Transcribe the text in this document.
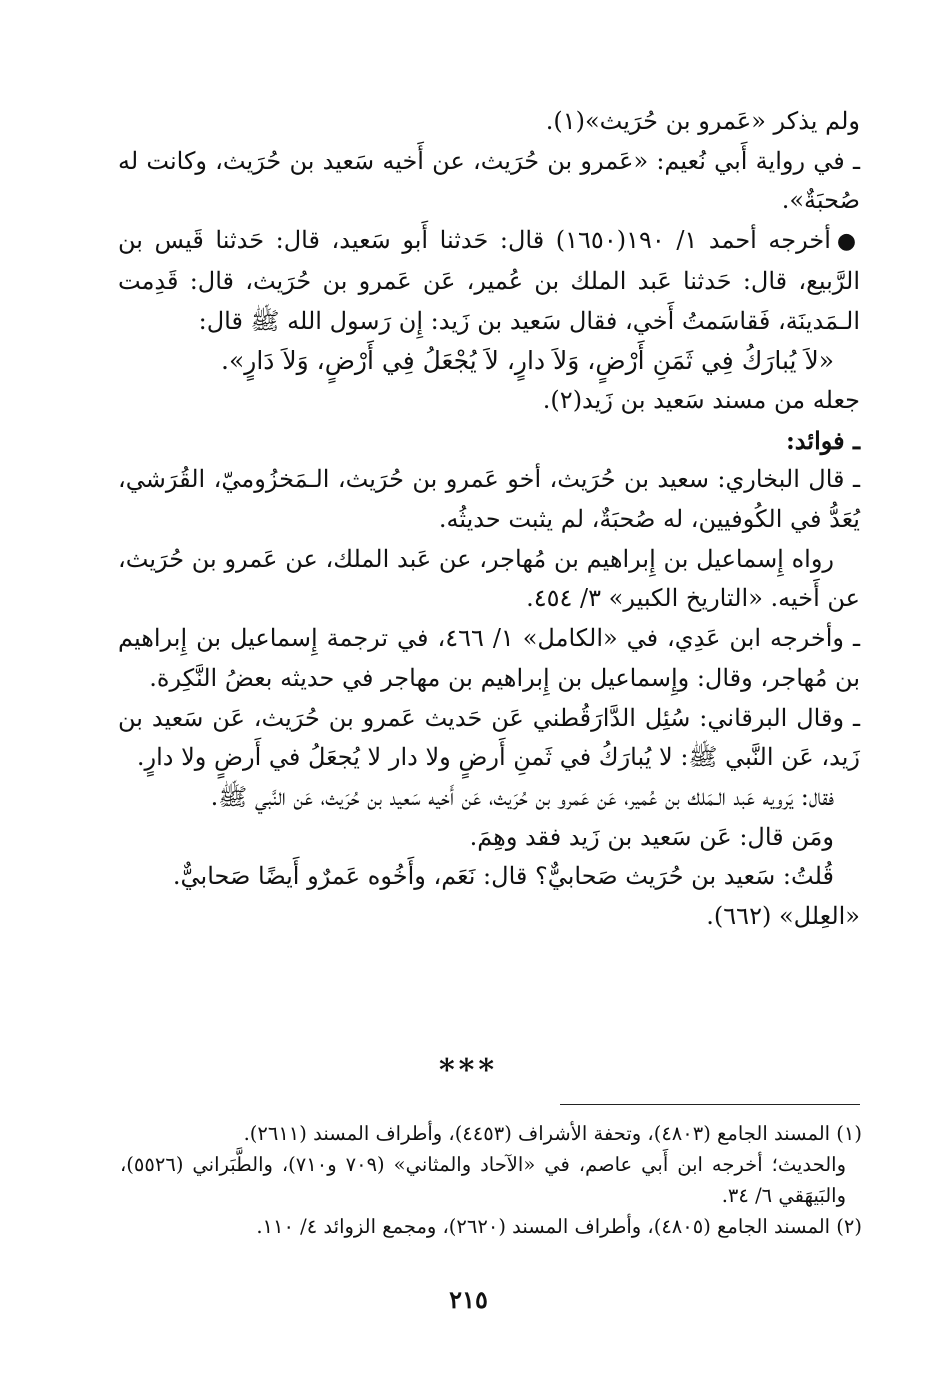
ولم يذكر «عَمرو بن حُرَيث»(١).

ـ في رواية أَبي نُعيم: «عَمرو بن حُرَيث، عن أَخيه سَعيد بن حُرَيث، وكانت له صُحبَةٌ».

●أخرجه أحمد ١/ ١٩٠(١٦٥٠) قال: حَدثنا أَبو سَعيد، قال: حَدثنا قَيس بن الرَّبيع، قال: حَدثنا عَبد الملك بن عُمير، عَن عَمرو بن حُرَيث، قال: قَدِمت الـمَدينَة، فَقاسَمتُ أَخي، فقال سَعيد بن زَيد: إِن رَسول الله ﷺ قال:

«لاَ يُبارَكُ فِي ثَمَنِ أَرْضٍ، وَلاَ دارٍ، لاَ يُجْعَلُ فِي أَرْضٍ، وَلاَ دَارٍ».

جعله من مسند سَعيد بن زَيد(٢).

ـ فوائد:

ـ قال البخاري: سعيد بن حُرَيث، أخو عَمرو بن حُرَيث، الـمَخزُوميّ، القُرَشي، يُعَدُّ في الكُوفيين، له صُحبَةٌ، لم يثبت حديثُه.

رواه إِسماعيل بن إِبراهيم بن مُهاجر، عن عَبد الملك، عن عَمرو بن حُرَيث، عن أَخيه. «التاريخ الكبير» ٣/ ٤٥٤.

ـ وأخرجه ابن عَدِي، في «الكامل» ١/ ٤٦٦، في ترجمة إِسماعيل بن إِبراهيم بن مُهاجر، وقال: وإِسماعيل بن إِبراهيم بن مهاجر في حديثه بعضُ النَّكِرة.

ـ وقال البرقاني: سُئِل الدَّارَقُطني عَن حَديث عَمرو بن حُرَيث، عَن سَعيد بن زَيد، عَن النَّبي ﷺ: لا يُبارَكُ في ثَمنِ أَرضٍ ولا دار لا يُجعَلُ في أَرضٍ ولا دارٍ.

فقال: يَرويه عَبد الـمَلك بن عُمير، عَن عَمرو بن حُرَيث، عَن أَخيه سَعيد بن حُرَيث، عَن النَّبي ﷺ.

ومَن قال: عَن سَعيد بن زَيد فقد وهِمَ.

قُلتُ: سَعيد بن حُرَيث صَحابيٌّ؟ قال: نَعَم، وأَخُوه عَمرٌو أَيضًا صَحابيٌّ.

«العِلل» (٦٦٢).

***

(١) المسند الجامع (٤٨٠٣)، وتحفة الأشراف (٤٤٥٣)، وأطراف المسند (٢٦١١).

والحديث؛ أخرجه ابن أَبي عاصم، في «الآحاد والمثاني» (٧٠٩ و٧١٠)، والطَّبَراني (٥٥٢٦)، والبَيهَقي ٦/ ٣٤.

(٢) المسند الجامع (٤٨٠٥)، وأطراف المسند (٢٦٢٠)، ومجمع الزوائد ٤/ ١١٠.

٢١٥
